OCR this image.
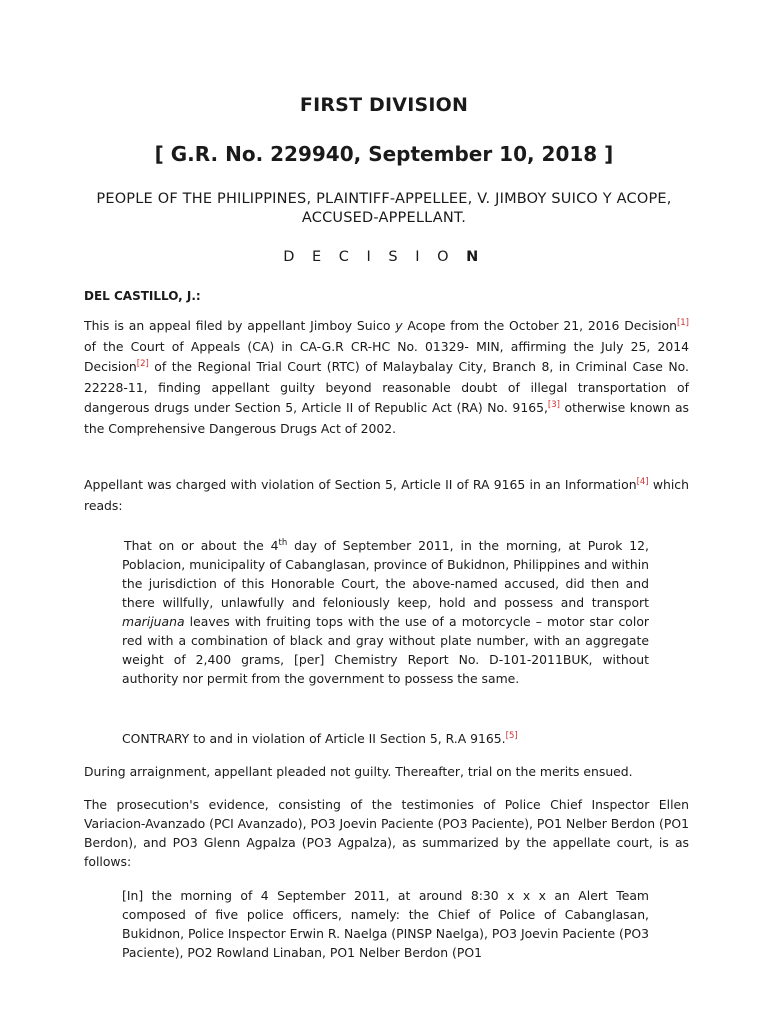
FIRST DIVISION
[ G.R. No. 229940, September 10, 2018 ]
PEOPLE OF THE PHILIPPINES, PLAINTIFF-APPELLEE, V. JIMBOY SUICO Y ACOPE, ACCUSED-APPELLANT.
D E C I S I O N
DEL CASTILLO, J.:

This is an appeal filed by appellant Jimboy Suico y Acope from the October 21, 2016 Decision[1] of the Court of Appeals (CA) in CA-G.R CR-HC No. 01329- MIN, affirming the July 25, 2014 Decision[2] of the Regional Trial Court (RTC) of Malaybalay City, Branch 8, in Criminal Case No. 22228-11, finding appellant guilty beyond reasonable doubt of illegal transportation of dangerous drugs under Section 5, Article II of Republic Act (RA) No. 9165,[3] otherwise known as the Comprehensive Dangerous Drugs Act of 2002.

Appellant was charged with violation of Section 5, Article II of RA 9165 in an Information[4] which reads:

That on or about the 4th day of September 2011, in the morning, at Purok 12, Poblacion, municipality of Cabanglasan, province of Bukidnon, Philippines and within the jurisdiction of this Honorable Court, the above-named accused, did then and there willfully, unlawfully and feloniously keep, hold and possess and transport marijuana leaves with fruiting tops with the use of a motorcycle – motor star color red with a combination of black and gray without plate number, with an aggregate weight of 2,400 grams, [per] Chemistry Report No. D-101-2011BUK, without authority nor permit from the government to possess the same.

CONTRARY to and in violation of Article II Section 5, R.A 9165.[5]

During arraignment, appellant pleaded not guilty. Thereafter, trial on the merits ensued.

The prosecution's evidence, consisting of the testimonies of Police Chief Inspector Ellen Variacion-Avanzado (PCI Avanzado), PO3 Joevin Paciente (PO3 Paciente), PO1 Nelber Berdon (PO1 Berdon), and PO3 Glenn Agpalza (PO3 Agpalza), as summarized by the appellate court, is as follows:

[In] the morning of 4 September 2011, at around 8:30 x x x an Alert Team composed of five police officers, namely: the Chief of Police of Cabanglasan, Bukidnon, Police Inspector Erwin R. Naelga (PINSP Naelga), PO3 Joevin Paciente (PO3 Paciente), PO2 Rowland Linaban, PO1 Nelber Berdon (PO1
